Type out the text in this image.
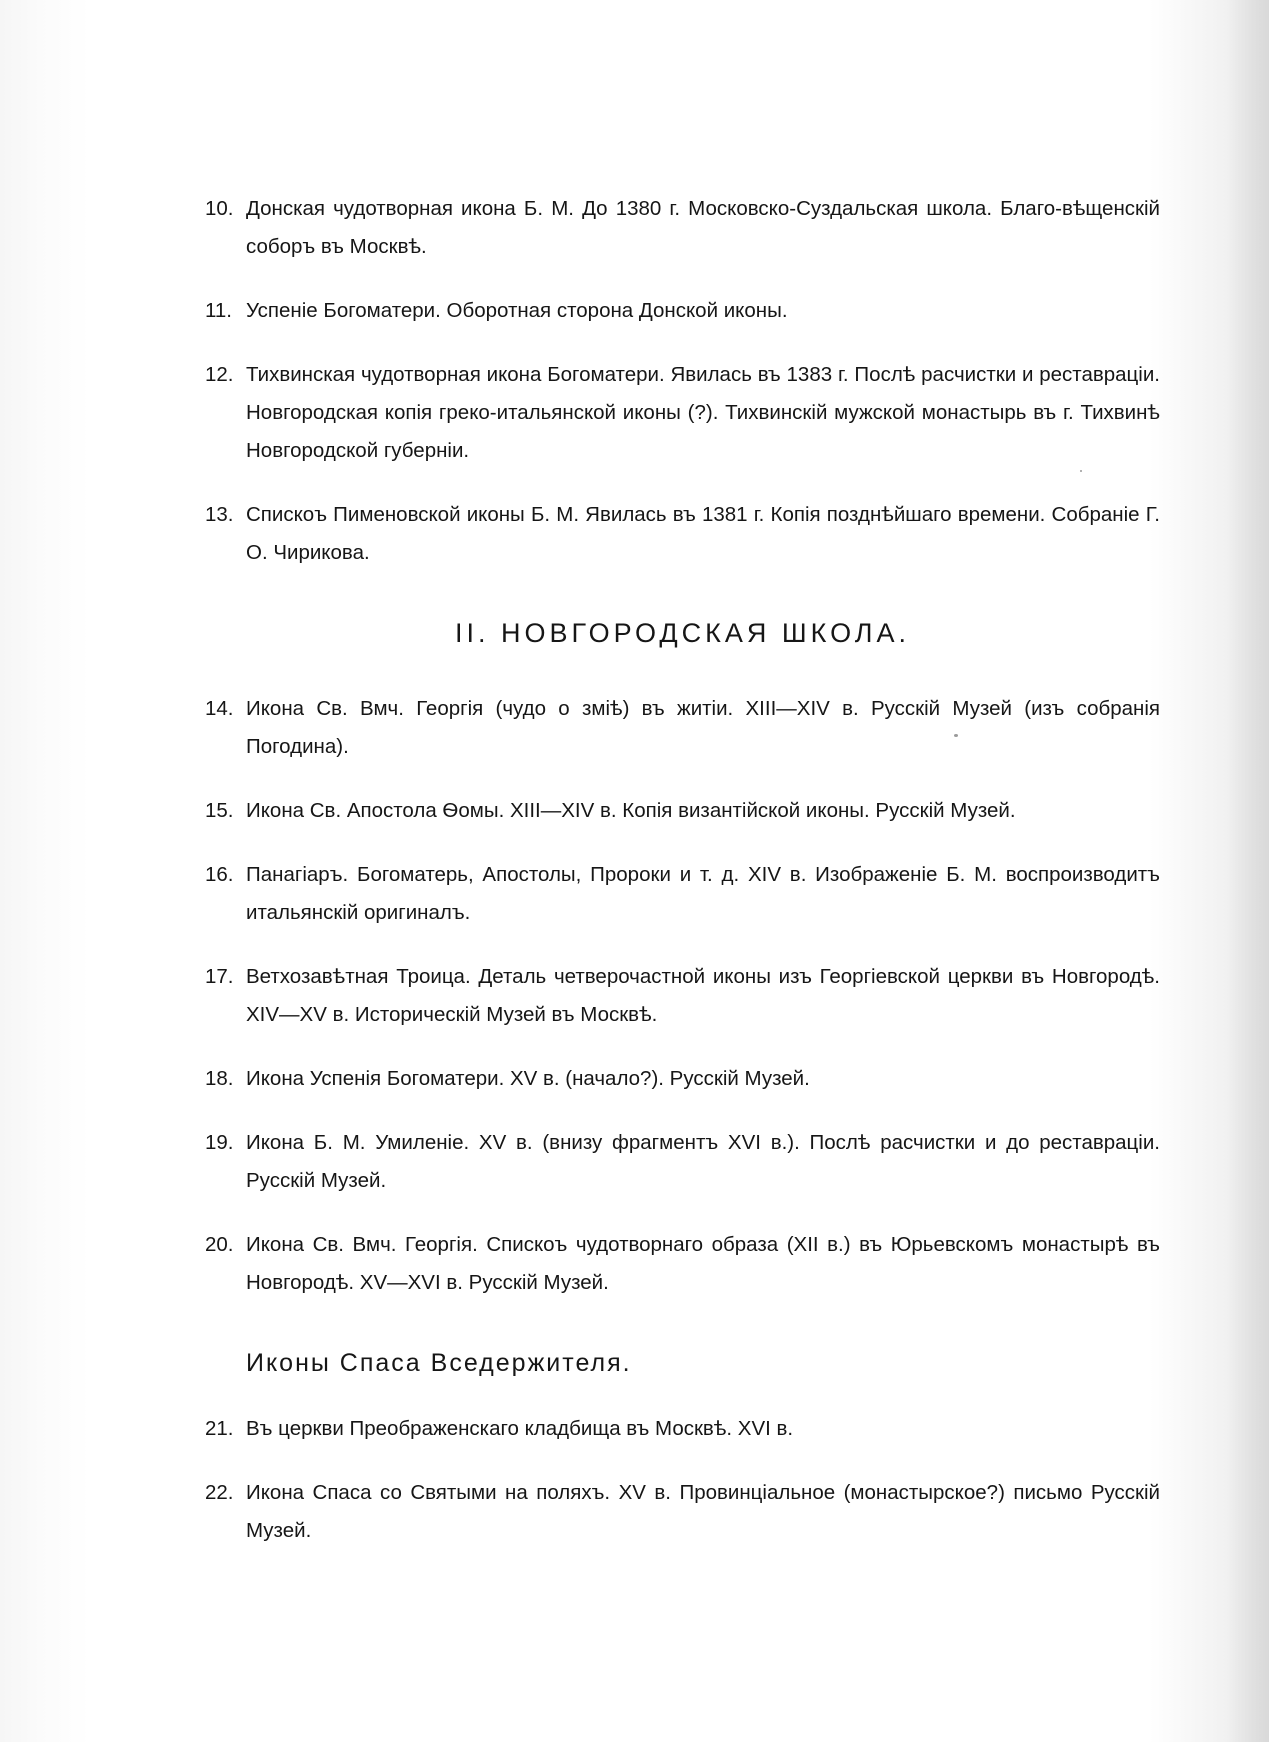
10. Донская чудотворная икона Б. М. До 1380 г. Московско-Суздальская школа. Благо-вѣщенскій соборъ въ Москвѣ.
11. Успеніе Богоматери. Оборотная сторона Донской иконы.
12. Тихвинская чудотворная икона Богоматери. Явилась въ 1383 г. Послѣ расчистки и реставраціи. Новгородская копія греко-итальянской иконы (?). Тихвинскій мужской монастырь въ г. Тихвинѣ Новгородской губерніи.
13. Спискоъ Пименовской иконы Б. М. Явилась въ 1381 г. Копія позднѣйшаго времени. Собраніе Г. О. Чирикова.
II. НОВГОРОДСКАЯ ШКОЛА.
14. Икона Св. Вмч. Георгія (чудо о змiѣ) въ житiи. XIII—XIV в. Русскій Музей (изъ собранія Погодина).
15. Икона Св. Апостола Ѳомы. XIII—XIV в. Копія византійской иконы. Русскій Музей.
16. Панагiаръ. Богоматерь, Апостолы, Пророки и т. д. XIV в. Изображеніе Б. М. воспроизводитъ итальянскій оригиналъ.
17. Ветхозавѣтная Троица. Деталь четверочастной иконы изъ Георгіевской церкви въ Новгородѣ. XIV—XV в. Историческій Музей въ Москвѣ.
18. Икона Успенія Богоматери. XV в. (начало?). Русскій Музей.
19. Икона Б. М. Умиленіе. XV в. (внизу фрагментъ XVI в.). Послѣ расчистки и до реставраціи. Русскій Музей.
20. Икона Св. Вмч. Георгія. Спискоъ чудотворнаго образа (XII в.) въ Юрьевскомъ монастырѣ въ Новгородѣ. XV—XVI в. Русскій Музей.
Иконы Спаса Вседержителя.
21. Въ церкви Преображенскаго кладбища въ Москвѣ. XVI в.
22. Икона Спаса со Святыми на поляхъ. XV в. Провинціальное (монастырское?) письмо Русскій Музей.
